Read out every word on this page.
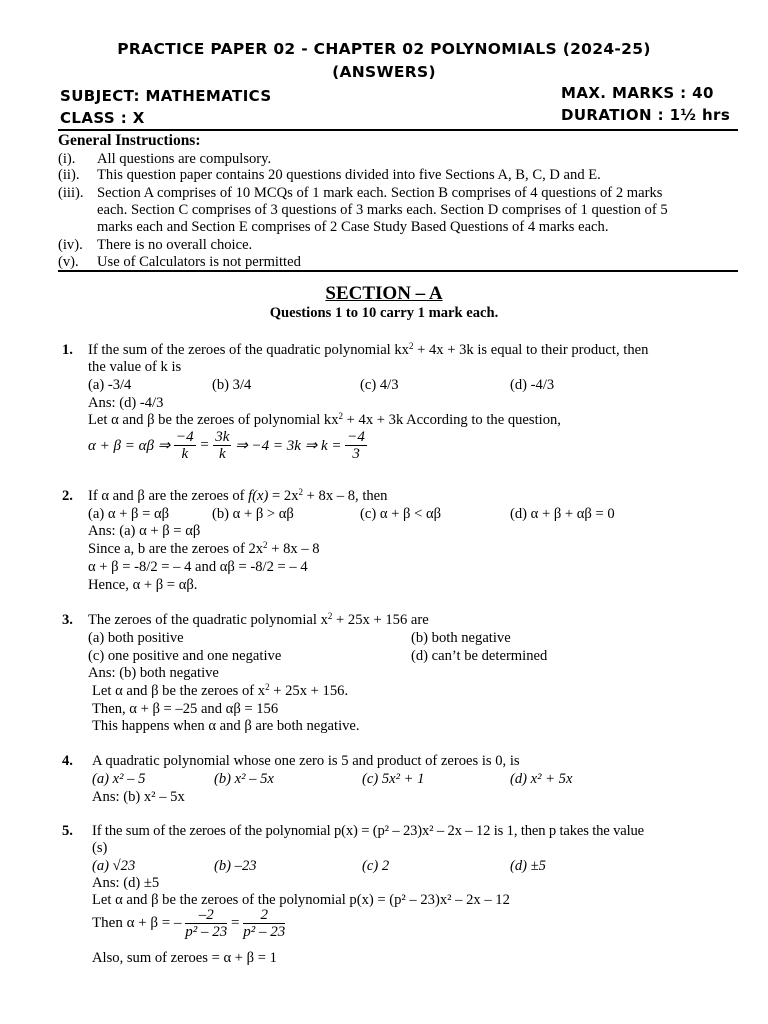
PRACTICE PAPER 02 - CHAPTER 02 POLYNOMIALS (2024-25)
(ANSWERS)
SUBJECT: MATHEMATICS	MAX. MARKS : 40
CLASS : X	DURATION : 1½ hrs
General Instructions:
(i). All questions are compulsory.
(ii). This question paper contains 20 questions divided into five Sections A, B, C, D and E.
(iii). Section A comprises of 10 MCQs of 1 mark each. Section B comprises of 4 questions of 2 marks
each. Section C comprises of 3 questions of 3 marks each. Section D comprises of 1 question of 5
marks each and Section E comprises of 2 Case Study Based Questions of 4 marks each.
(iv). There is no overall choice.
(v). Use of Calculators is not permitted
SECTION – A
Questions 1 to 10 carry 1 mark each.
1. If the sum of the zeroes of the quadratic polynomial $kx^2 + 4x + 3k$ is equal to their product, then
the value of k is
(a) -3/4	(b) 3/4	(c) 4/3	(d) -4/3
Ans: (d) -4/3
Let α and β be the zeroes of polynomial $kx^2 + 4x + 3k$ According to the question,
α + β = αβ ⇒ $\frac{-4}{k} = \frac{3k}{k}$ ⇒ −4 = 3k ⇒ $k = \frac{-4}{3}$
2. If α and β are the zeroes of $f(x) = 2x^2 + 8x - 8$, then
(a) α + β = αβ	(b) α + β > αβ	(c) α + β < αβ	(d) α + β + αβ = 0
Ans: (a) α + β = αβ
Since a, b are the zeroes of $2x^2 + 8x - 8$
α + β = -8/2 = – 4 and αβ = -8/2 = – 4
Hence, α + β = αβ.
3. The zeroes of the quadratic polynomial $x^2 + 25x + 156$ are
(a) both positive	(b) both negative
(c) one positive and one negative	(d) can’t be determined
Ans: (b) both negative
Let α and β be the zeroes of $x^2 + 25x + 156$.
Then, α + β = –25 and αβ = 156
This happens when α and β are both negative.
4. A quadratic polynomial whose one zero is 5 and product of zeroes is 0, is
(a) x² – 5	(b) x² – 5x	(c) 5x² + 1	(d) x² + 5x
Ans: (b) x² – 5x
5. If the sum of the zeroes of the polynomial p(x) = (p² – 23)x² – 2x – 12 is 1, then p takes the value
(s)
(a) √23	(b) –23	(c) 2	(d) ±5
Ans: (d) ±5
Let α and β be the zeroes of the polynomial p(x) = (p² – 23)x² – 2x – 12
Then α + β = – $\frac{-2}{\text{p² – 23}} = \frac{2}{\text{p² – 23}}$
Also, sum of zeroes = α + β = 1
